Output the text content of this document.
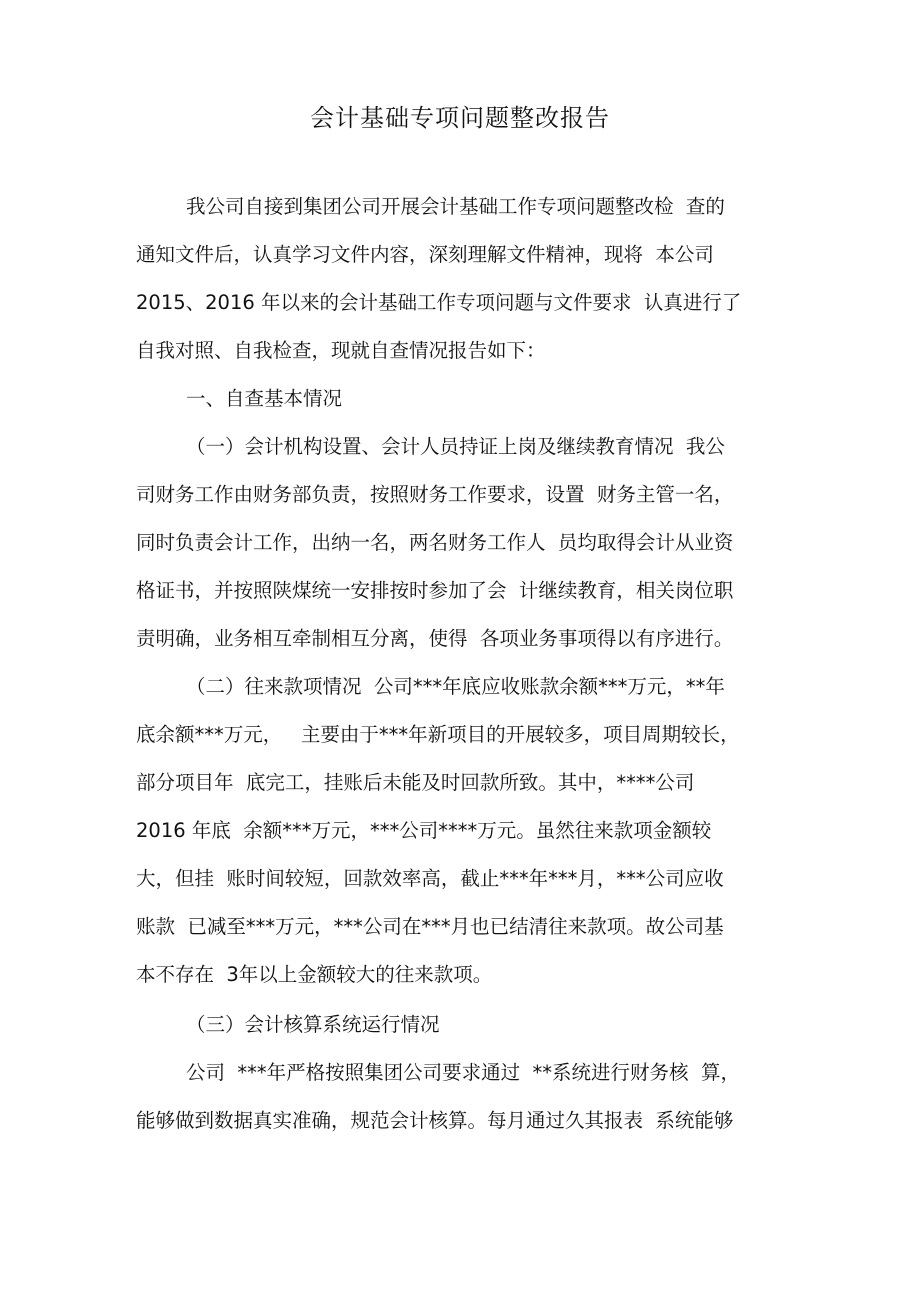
会计基础专项问题整改报告
我公司自接到集团公司开展会计基础工作专项问题整改检  查的
通知文件后，认真学习文件内容，深刻理解文件精神，现将  本公司
2015、2016 年以来的会计基础工作专项问题与文件要求  认真进行了
自我对照、自我检查，现就自查情况报告如下：
一、自查基本情况
（一）会计机构设置、会计人员持证上岗及继续教育情况  我公
司财务工作由财务部负责，按照财务工作要求，设置  财务主管一名，
同时负责会计工作，出纳一名，两名财务工作人  员均取得会计从业资
格证书，并按照陕煤统一安排按时参加了会  计继续教育，相关岗位职
责明确，业务相互牵制相互分离，使得  各项业务事项得以有序进行。
（二）往来款项情况  公司***年底应收账款余额***万元，**年
底余额***万元，   主要由于***年新项目的开展较多，项目周期较长，
部分项目年  底完工，挂账后未能及时回款所致。其中，****公司
2016 年底  余额***万元，***公司****万元。虽然往来款项金额较
大，但挂  账时间较短，回款效率高，截止***年***月，***公司应收
账款  已减至***万元，***公司在***月也已结清往来款项。故公司基
本不存在  3年以上金额较大的往来款项。
（三）会计核算系统运行情况
公司  ***年严格按照集团公司要求通过  **系统进行财务核  算，
能够做到数据真实准确，规范会计核算。每月通过久其报表  系统能够
